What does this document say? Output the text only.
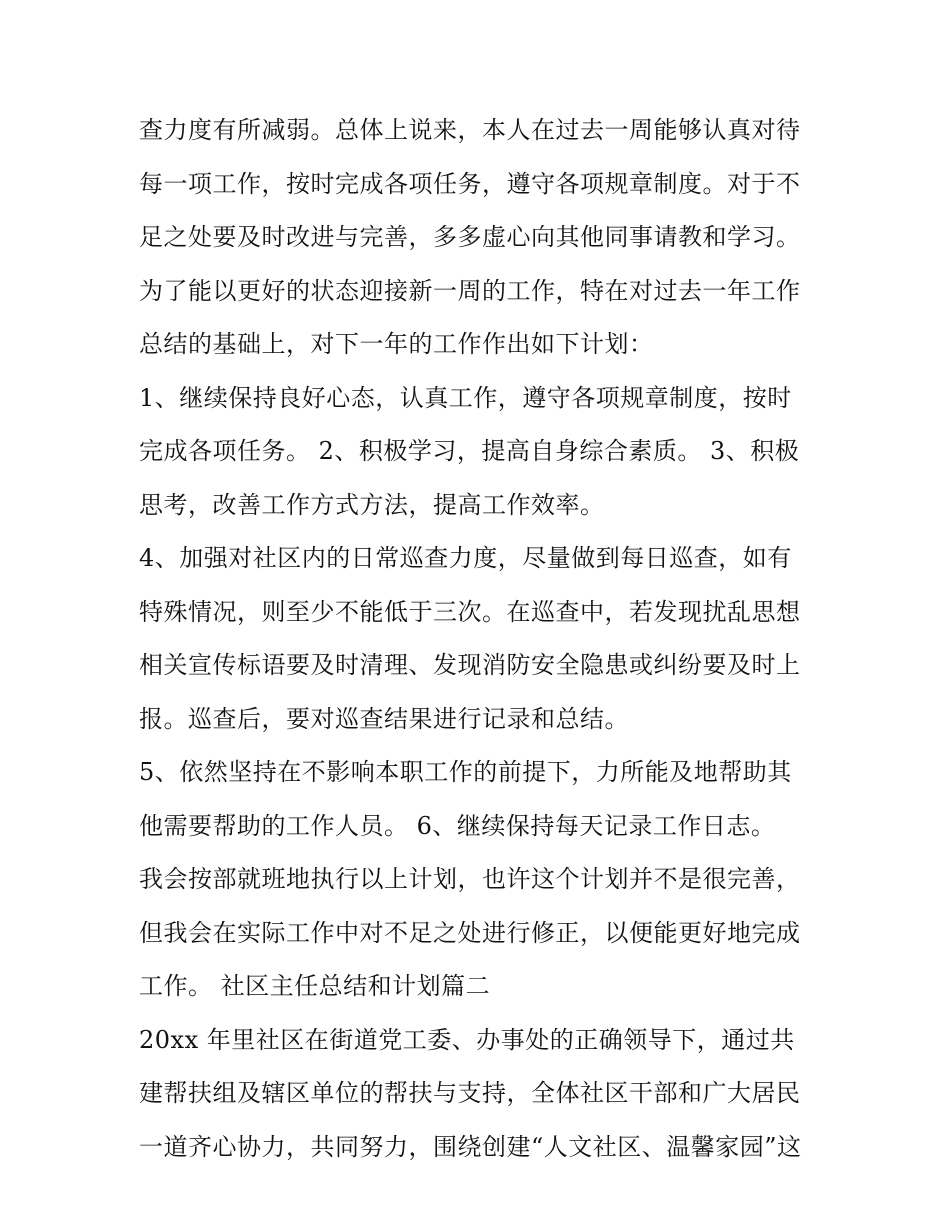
查力度有所减弱。总体上说来，本人在过去一周能够认真对待
每一项工作，按时完成各项任务，遵守各项规章制度。对于不
足之处要及时改进与完善，多多虚心向其他同事请教和学习。
为了能以更好的状态迎接新一周的工作，特在对过去一年工作
总结的基础上，对下一年的工作作出如下计划：
1、继续保持良好心态，认真工作，遵守各项规章制度，按时
完成各项任务。 2、积极学习，提高自身综合素质。 3、积极
思考，改善工作方式方法，提高工作效率。
4、加强对社区内的日常巡查力度，尽量做到每日巡查，如有
特殊情况，则至少不能低于三次。在巡查中，若发现扰乱思想
相关宣传标语要及时清理、发现消防安全隐患或纠纷要及时上
报。巡查后，要对巡查结果进行记录和总结。
5、依然坚持在不影响本职工作的前提下，力所能及地帮助其
他需要帮助的工作人员。 6、继续保持每天记录工作日志。
我会按部就班地执行以上计划，也许这个计划并不是很完善，
但我会在实际工作中对不足之处进行修正，以便能更好地完成
工作。 社区主任总结和计划篇二
20xx 年里社区在街道党工委、办事处的正确领导下，通过共
建帮扶组及辖区单位的帮扶与支持，全体社区干部和广大居民
一道齐心协力，共同努力，围绕创建“人文社区、温馨家园”这
